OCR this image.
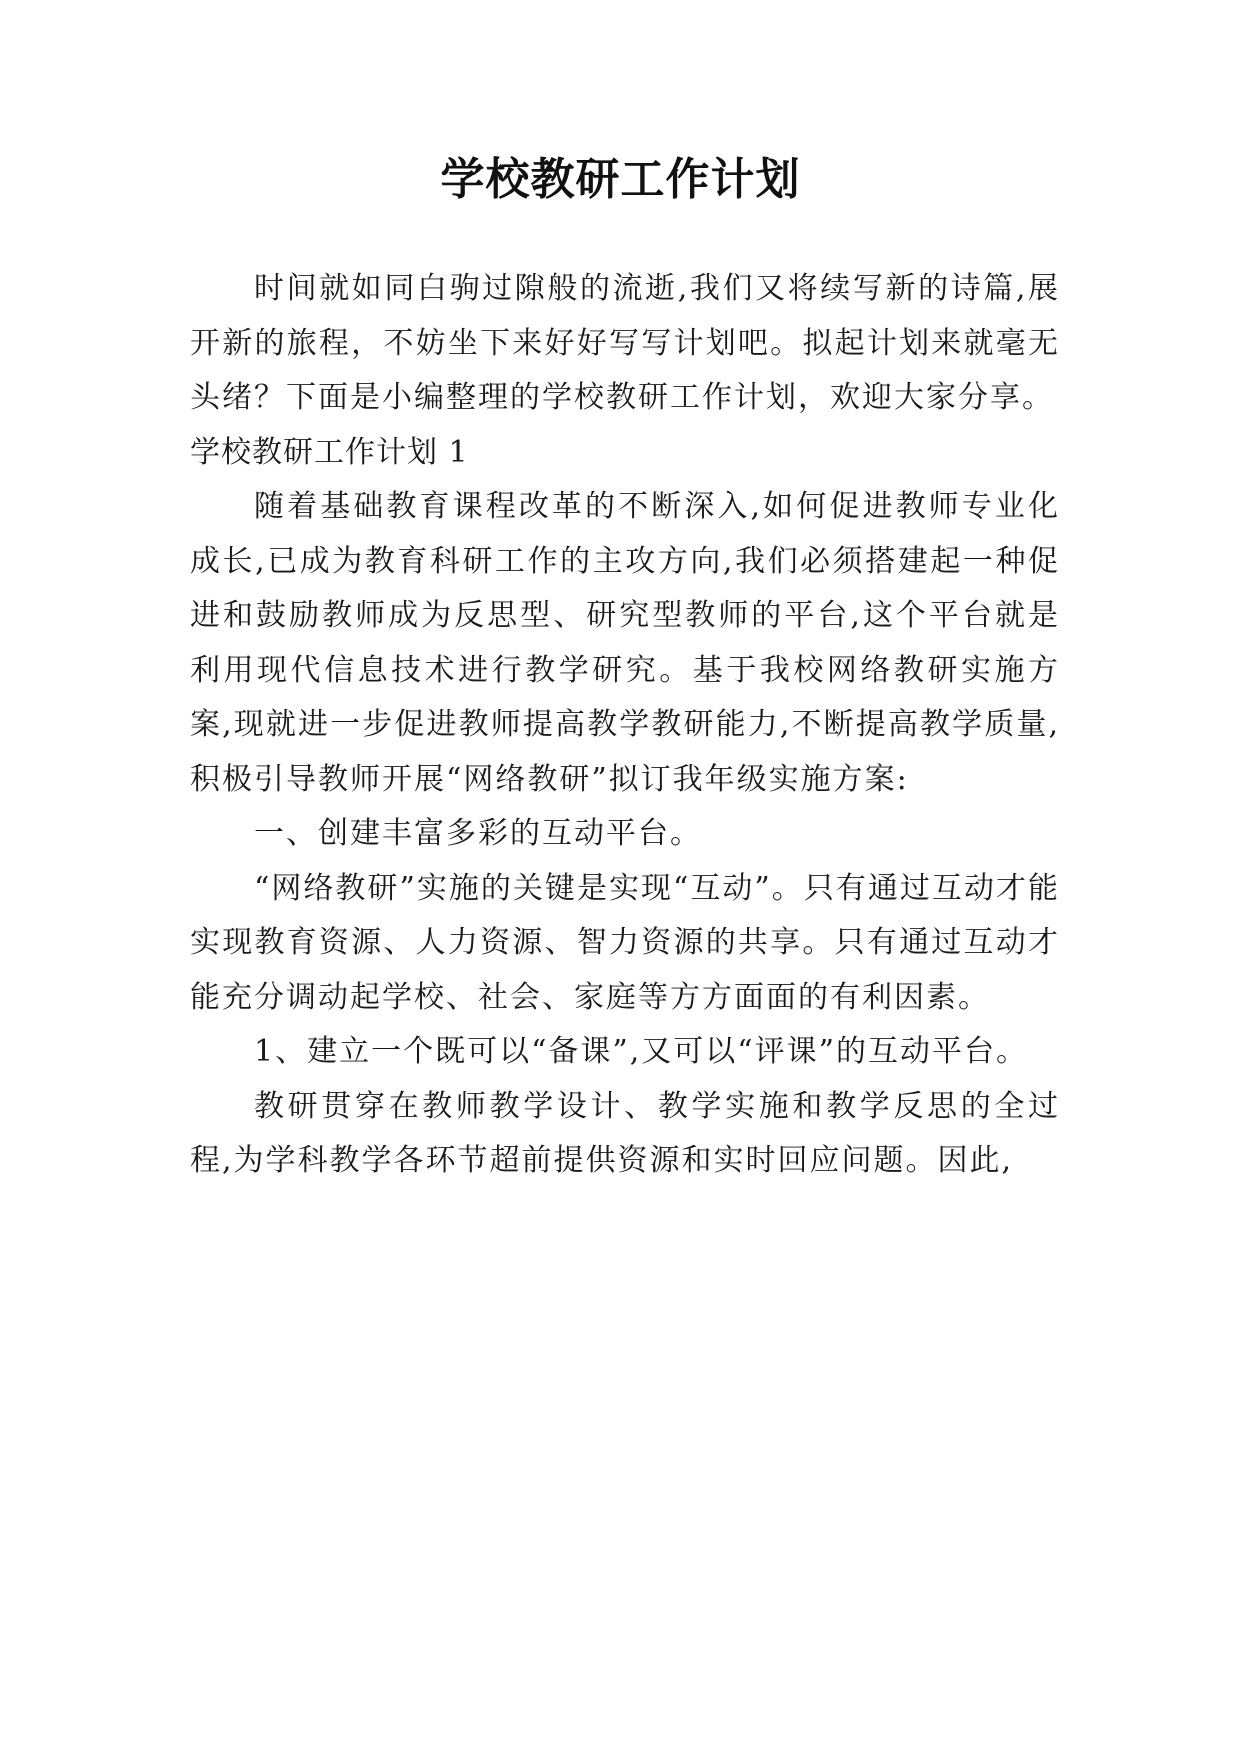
学校教研工作计划

时间就如同白驹过隙般的流逝,我们又将续写新的诗篇,展开新的旅程，不妨坐下来好好写写计划吧。拟起计划来就毫无头绪？下面是小编整理的学校教研工作计划，欢迎大家分享。

学校教研工作计划 1

随着基础教育课程改革的不断深入,如何促进教师专业化成长,已成为教育科研工作的主攻方向,我们必须搭建起一种促进和鼓励教师成为反思型、研究型教师的平台,这个平台就是利用现代信息技术进行教学研究。基于我校网络教研实施方案,现就进一步促进教师提高教学教研能力,不断提高教学质量,积极引导教师开展“网络教研”拟订我年级实施方案:

一、创建丰富多彩的互动平台。

“网络教研”实施的关键是实现“互动”。只有通过互动才能实现教育资源、人力资源、智力资源的共享。只有通过互动才能充分调动起学校、社会、家庭等方方面面的有利因素。

1、建立一个既可以“备课”,又可以“评课”的互动平台。

教研贯穿在教师教学设计、教学实施和教学反思的全过程,为学科教学各环节超前提供资源和实时回应问题。因此,
